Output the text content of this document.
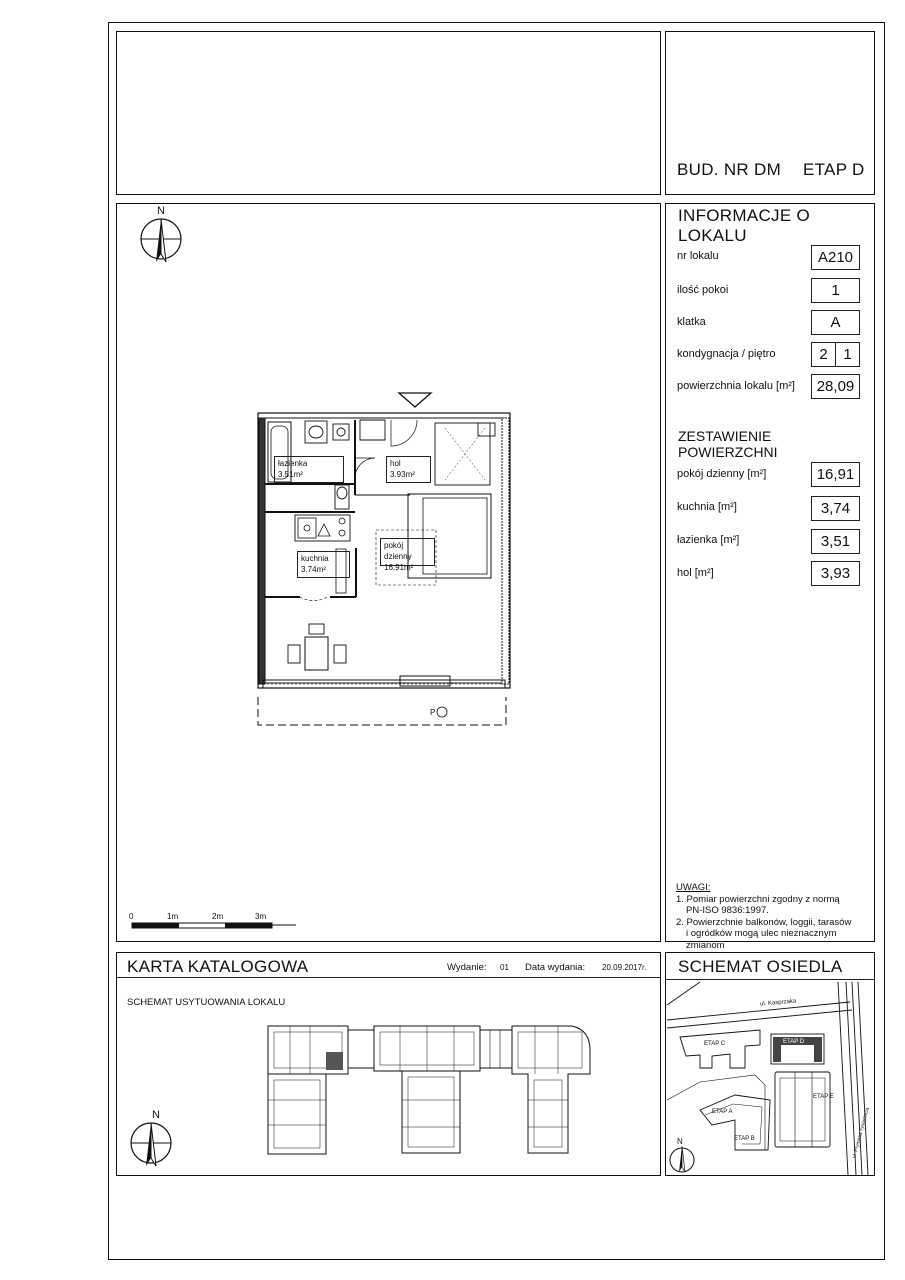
BUD. NR DM ETAP D
INFORMACJE O LOKALU
nr lokalu	A210
ilość pokoi	1
klatka	A
kondygnacja / piętro	2	1
powierzchnia lokalu [m²]	28,09
ZESTAWIENIE POWIERZCHNI
pokój dzienny [m²]	16,91
kuchnia [m²]	3,74
łazienka [m²]	3,51
hol [m²]	3,93
UWAGI:
1. Pomiar powierzchni zgodny z normą
PN-ISO 9836:1997.
2. Powierzchnie balkonów, loggii, tarasów
i ogródków mogą ulec nieznacznym zmianom
łazienka
3.51m²
hol
3.93m²
kuchnia
3.74m²
pokój dzienny
16.91m²
N
P
0	1m	2m	3m
KARTA KATALOGOWA	Wydanie: 01 Data wydania: 20.09.2017r.
SCHEMAT USYTUOWANIA LOKALU
N
SCHEMAT OSIEDLA
ul. Kasprzaka
ul. Prymasa Tysiąclecia
ETAP C	ETAP D
ETAP E
ETAP A
ETAP B
N
